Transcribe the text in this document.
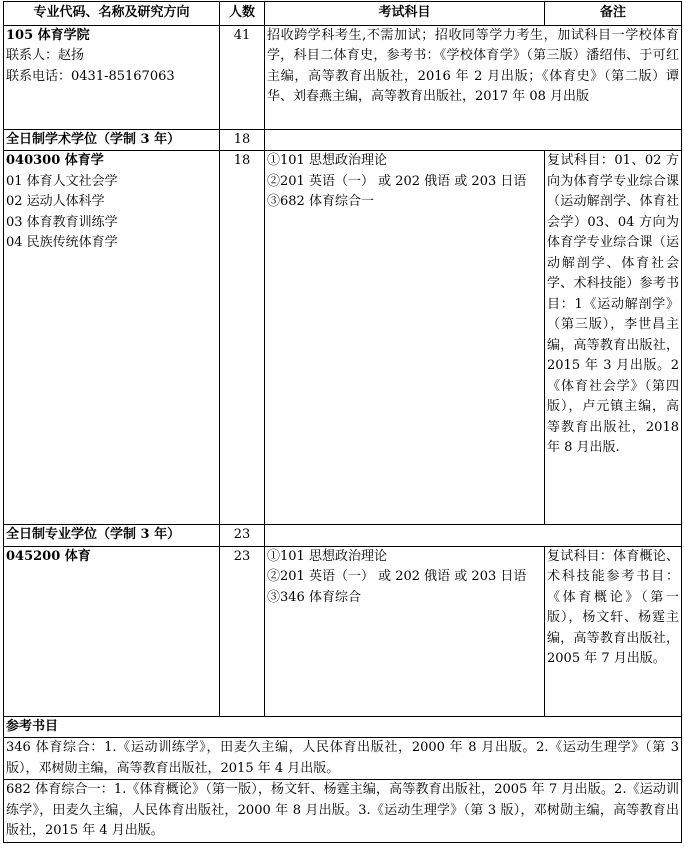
专业代码、名称及研究方向	人数	考试科目	备注

105 体育学院
联系人：赵扬
联系电话：0431-85167063	41	招收跨学科考生,不需加试；招收同等学力考生，加试科目一学校体育学，科目二体育史，参考书：《学校体育学》（第三版）潘绍伟、于可红主编，高等教育出版社，2016 年 2 月出版；《体育史》（第二版）谭华、刘春燕主编，高等教育出版社，2017 年 08 月出版	
全日制学术学位（学制 3 年）	18		

040300 体育学
01 体育人文社会学
02 运动人体科学
03 体育教育训练学
04 民族传统体育学	18	①101 思想政治理论
②201 英语（一） 或 202 俄语 或 203 日语
③682 体育综合一	复试科目：01、02 方向为体育学专业综合课（运动解剖学、体育社会学）03、04 方向为体育学专业综合课（运动解剖学、体育社会学、术科技能）参考书目：1《运动解剖学》（第三版），李世昌主编，高等教育出版社，2015 年 3 月出版。2《体育社会学》（第四版），卢元镇主编，高等教育出版社，2018 年 8 月出版.
全日制专业学位（学制 3 年）	23		

045200 体育	23	①101 思想政治理论
②201 英语（一） 或 202 俄语 或 203 日语
③346 体育综合	复试科目：体育概论、术科技能参考书目：《体育概论》（第一版），杨文轩、杨霆主编，高等教育出版社，2005 年 7 月出版。
参考书目			
346 体育综合：1.《运动训练学》，田麦久主编，人民体育出版社，2000 年 8 月出版。2.《运动生理学》（第 3 版），邓树勋主编，高等教育出版社，2015 年 4 月出版。			
682 体育综合一：1.《体育概论》（第一版），杨文轩、杨霆主编，高等教育出版社，2005 年 7 月出版。2.《运动训练学》，田麦久主编，人民体育出版社，2000 年 8 月出版。3.《运动生理学》（第 3 版），邓树勋主编，高等教育出版社，2015 年 4 月出版。			
